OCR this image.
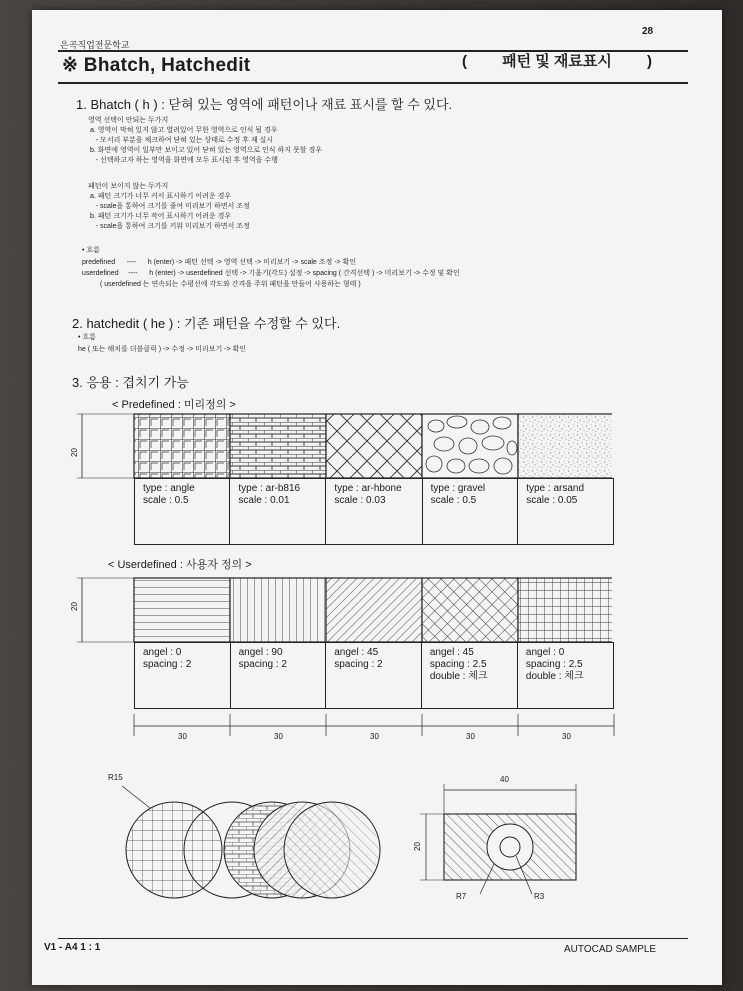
28
은곡직업전문학교
※ Bhatch, Hatchedit
(	패턴 및 재료표시 )
1. Bhatch ( h ) : 닫혀 있는 영역에 패턴이나 재료 표시를 할 수 있다.
영역 선택이 안되는 두가지
a. 영역이 막혀 있지 않고 열려있어 무한 영역으로 인식 될 경우
- 모서리 부분을 체크하여 닫혀 있는 상태로 수정 후 재 실시
b. 화면에 영역이 일부만 보이고 있어 닫혀 있는 영역으로 인식 하지 못할 경우
- 선택하고자 하는 영역을 화면에 모두 표시된 후 영역을 수행
패턴이 보이지 않는 두가지
a. 패턴 크기가 너무 커서 표시하기 어려운 경우
- scale을 통하여 크기를 줄여 미리보기 하면서 조정
b. 패턴 크기가 너무 작어 표시하기 어려운 경우
- scale을 통하여 크기를 키워 미리보기 하면서 조정
• 흐름
predefined      ----      h (enter) -> 패턴 선택 -> 영역 선택 -> 미리보기 -> scale 조정 -> 확인
userdefined     ----      h (enter) -> userdefined 선택 -> 기울기(각도) 설정 -> spacing ( 간격선택 ) -> 미리보기 -> 수정 및 확인
( userdefined 는 연속되는 수평선에 각도와 간격을 주워 패턴을 만들어 사용하는 형태 )
2. hatchedit ( he ) : 기존 패턴을 수정할 수 있다.
• 흐름
he ( 또는 해치를 더블클릭 ) -> 수정 -> 미리보기 -> 확인
3. 응용 : 겹치기 가능
< Predefined : 미리정의 >
20
type : angle
scale : 0.5

type : ar-b816
scale : 0.01

type : ar-hbone
scale : 0.03

type : gravel
scale : 0.5

type : arsand
scale : 0.05
< Userdefined : 사용자 정의 >
20
angel : 0
spacing : 2

angel : 90
spacing : 2

angel : 45
spacing : 2

angel : 45
spacing : 2.5
double : 체크

angel : 0
spacing : 2.5
double : 체크
30	30	30	30	30
R15	40
20
R7	R3
V1 - A4 1 : 1	AUTOCAD SAMPLE
